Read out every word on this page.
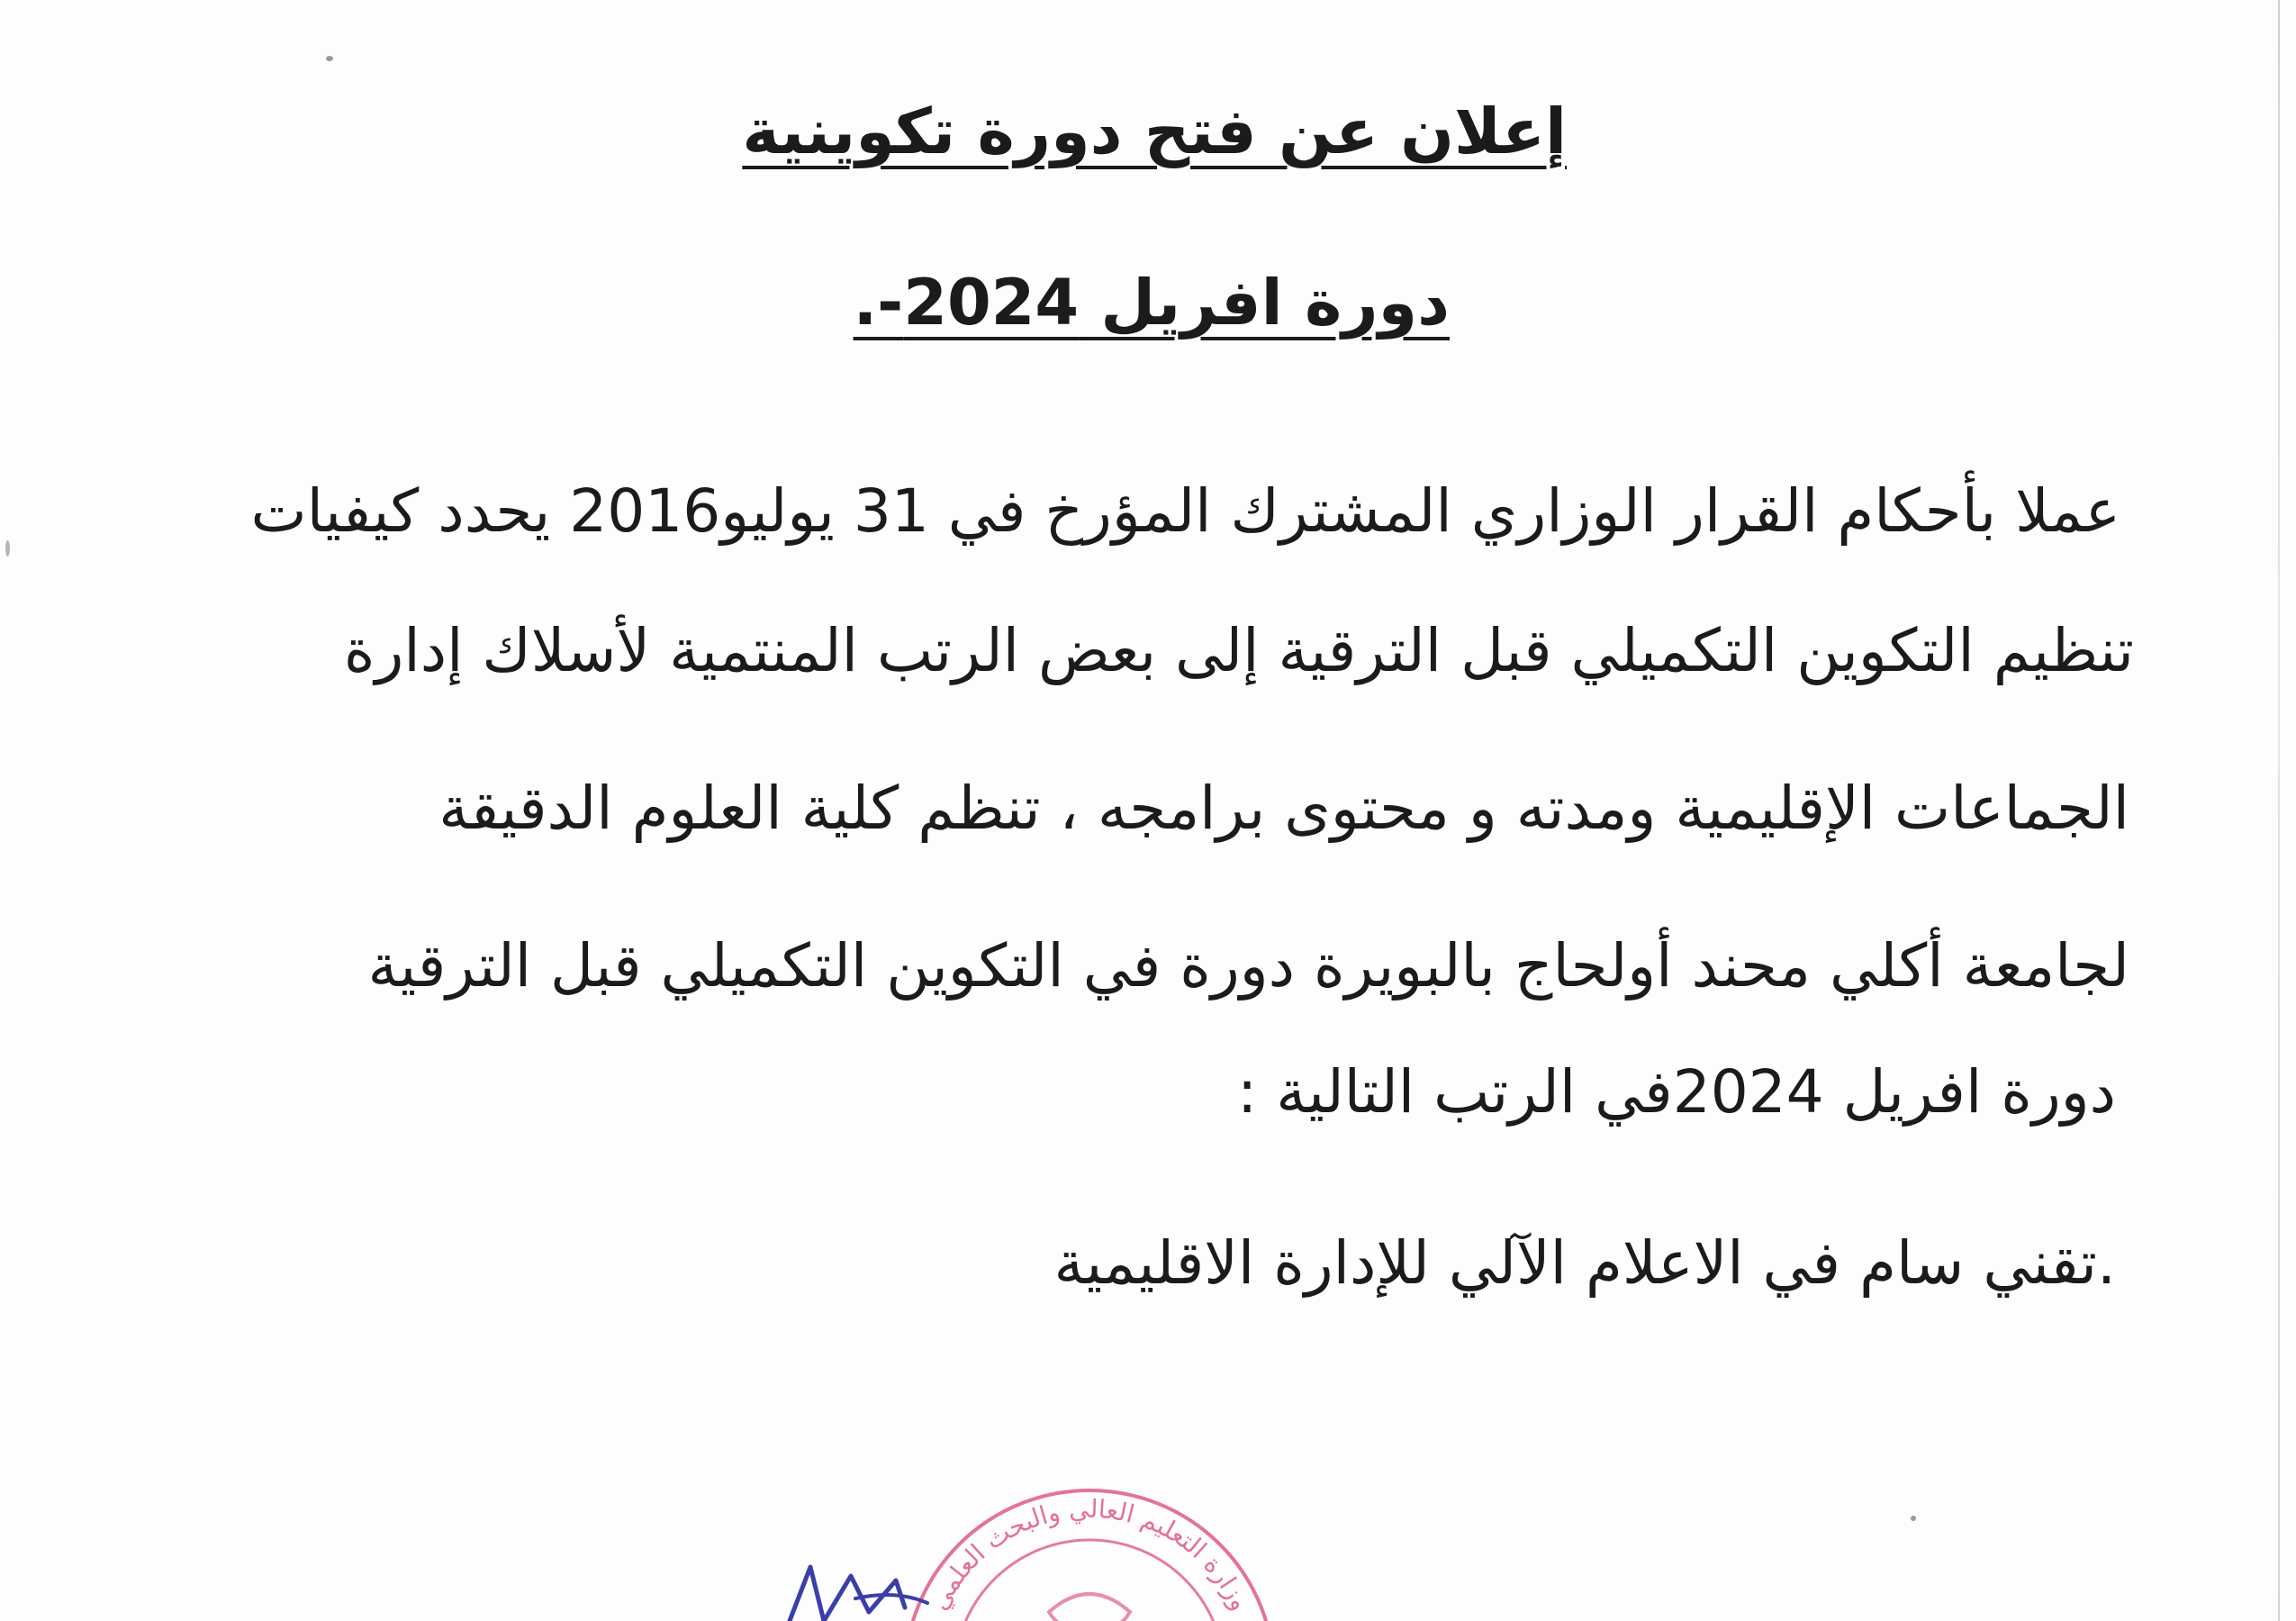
إعلان عن فتح دورة تكوينية
دورة افريل 2024-.
عملا بأحكام القرار الوزاري المشترك المؤرخ في 31 يوليو2016 يحدد كيفيات
تنظيم التكوين التكميلي قبل الترقية إلى بعض الرتب المنتمية لأسلاك إدارة
الجماعات الإقليمية ومدته و محتوى برامجه ، تنظم كلية العلوم الدقيقة
لجامعة أكلي محند أولحاج بالبويرة دورة في التكوين التكميلي قبل الترقية
دورة افريل 2024في الرتب التالية :
.تقني سام في الاعلام الآلي للإدارة الاقليمية
وزارة التعليم العالي والبحث العلمي
